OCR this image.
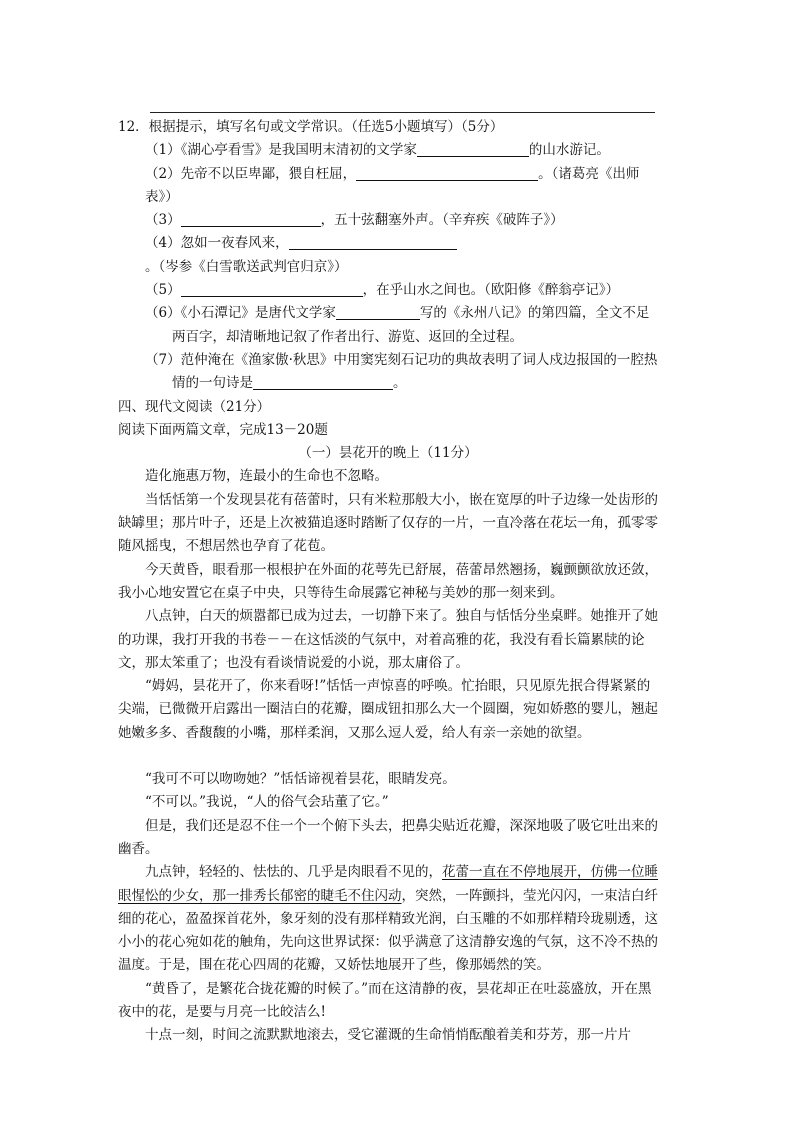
12．根据提示，填写名句或文学常识。（任选5小题填写）（5分）

（1）《湖心亭看雪》是我国明末清初的文学家	的山水游记。

（2）先帝不以臣卑鄙，猥自枉屈，	。（诸葛亮《出师表》）

（3）	，五十弦翻塞外声。（辛弃疾《破阵子》）

（4）忽如一夜春风来，。（岑参《白雪歌送武判官归京》）

（5）	，在乎山水之间也。（欧阳修《醉翁亭记》）

（6）《小石潭记》是唐代文学家	写的《永州八记》的第四篇，全文不足两百字，却清晰地记叙了作者出行、游览、返回的全过程。

（7）范仲淹在《渔家傲·秋思》中用窦宪刻石记功的典故表明了词人戍边报国的一腔热情的一句诗是	。

四、现代文阅读（21分）

阅读下面两篇文章，完成13－20题

（一）昙花开的晚上（11分）

造化施惠万物，连最小的生命也不忽略。

当恬恬第一个发现昙花有蓓蕾时，只有米粒那般大小，嵌在宽厚的叶子边缘一处齿形的缺罅里；那片叶子，还是上次被猫追逐时踏断了仅存的一片，一直冷落在花坛一角，孤零零随风摇曳，不想居然也孕育了花苞。

今天黄昏，眼看那一根根护在外面的花萼先已舒展，蓓蕾昂然翘扬，巍颤颤欲放还敛，我小心地安置它在桌子中央，只等待生命展露它神秘与美妙的那一刻来到。

八点钟，白天的烦嚣都已成为过去，一切静下来了。独自与恬恬分坐桌畔。她推开了她的功课，我打开我的书卷－－在这恬淡的气氛中，对着高雅的花，我没有看长篇累牍的论文，那太笨重了；也没有看谈情说爱的小说，那太庸俗了。

“姆妈，昙花开了，你来看呀!”恬恬一声惊喜的呼唤。忙抬眼，只见原先抿合得紧紧的尖端，已微微开启露出一圈洁白的花瓣，圈成钮扣那么大一个圆圈，宛如娇憨的婴儿，翘起她嫩多多、香馥馥的小嘴，那样柔润，又那么逗人爱，给人有亲一亲她的欲望。

“我可不可以吻吻她？”恬恬谛视着昙花，眼睛发亮。

“不可以。”我说，“人的俗气会玷董了它。”

但是，我们还是忍不住一个一个俯下头去，把鼻尖贴近花瓣，深深地吸了吸它吐出来的幽香。

九点钟，轻轻的、怯怯的、几乎是肉眼看不见的，花蕾一直在不停地展开，仿佛一位睡眼惺忪的少女，那一排秀长郁密的睫毛不住闪动，突然，一阵颤抖，莹光闪闪，一束洁白纤细的花心，盈盈探首花外，象牙刻的没有那样精致光润，白玉雕的不如那样精玲珑剔透，这小小的花心宛如花的触角，先向这世界试探：似乎满意了这清静安逸的气氛，这不冷不热的温度。于是，围在花心四周的花瓣，又娇怯地展开了些，像那嫣然的笑。

“黄昏了，是繁花合拢花瓣的时候了。”而在这清静的夜，昙花却正在吐蕊盛放，开在黑夜中的花，是要与月亮一比皎洁么!

十点一刻，时间之流默默地滚去，受它灌溉的生命悄悄酝酿着美和芬芳，那一片片
